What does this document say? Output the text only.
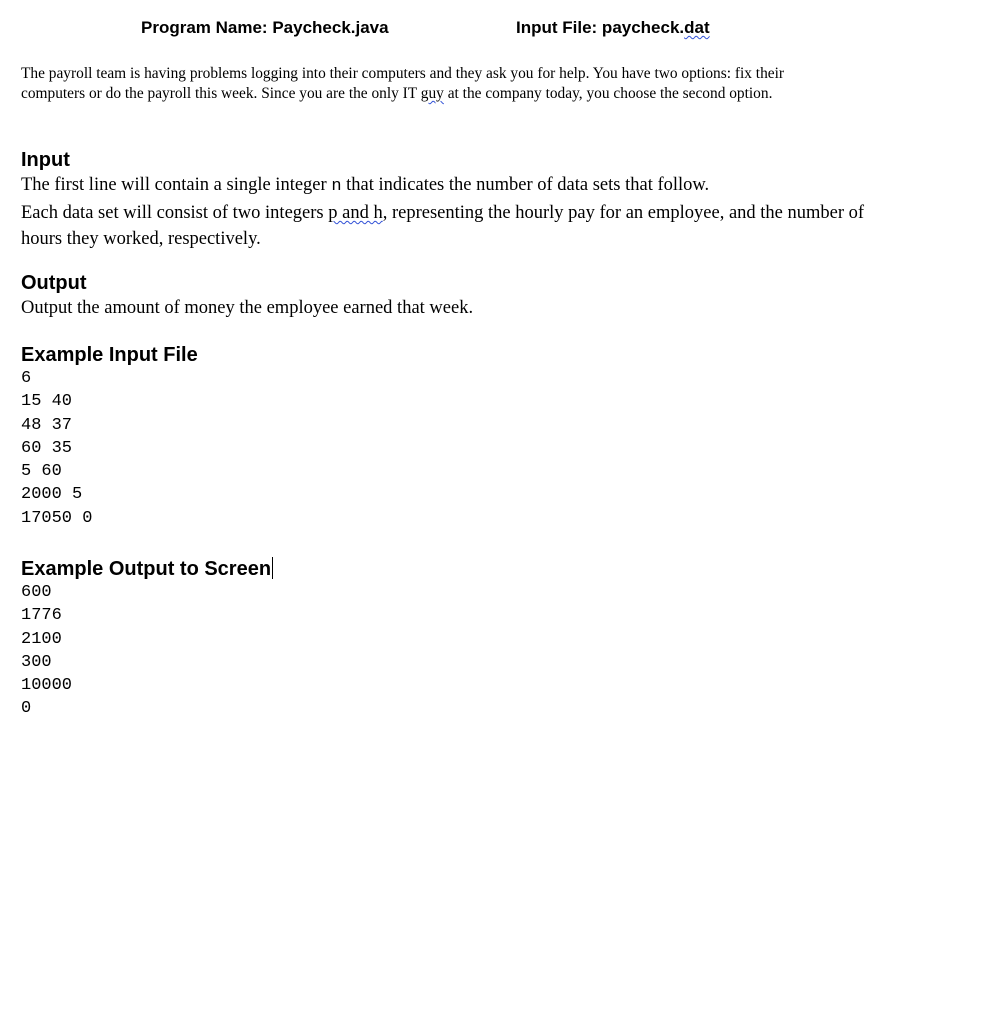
Program Name: Paycheck.java	Input File: paycheck.dat
The payroll team is having problems logging into their computers and they ask you for help. You have two options: fix their computers or do the payroll this week. Since you are the only IT guy at the company today, you choose the second option.
Input

The first line will contain a single integer n that indicates the number of data sets that follow.
Each data set will consist of two integers p and h, representing the hourly pay for an employee, and the number of hours they worked, respectively.

Output

Output the amount of money the employee earned that week.

Example Input File
6
15 40
48 37
60 35
5 60
2000 5
17050 0
Example Output to Screen
600
1776
2100
300
10000
0
